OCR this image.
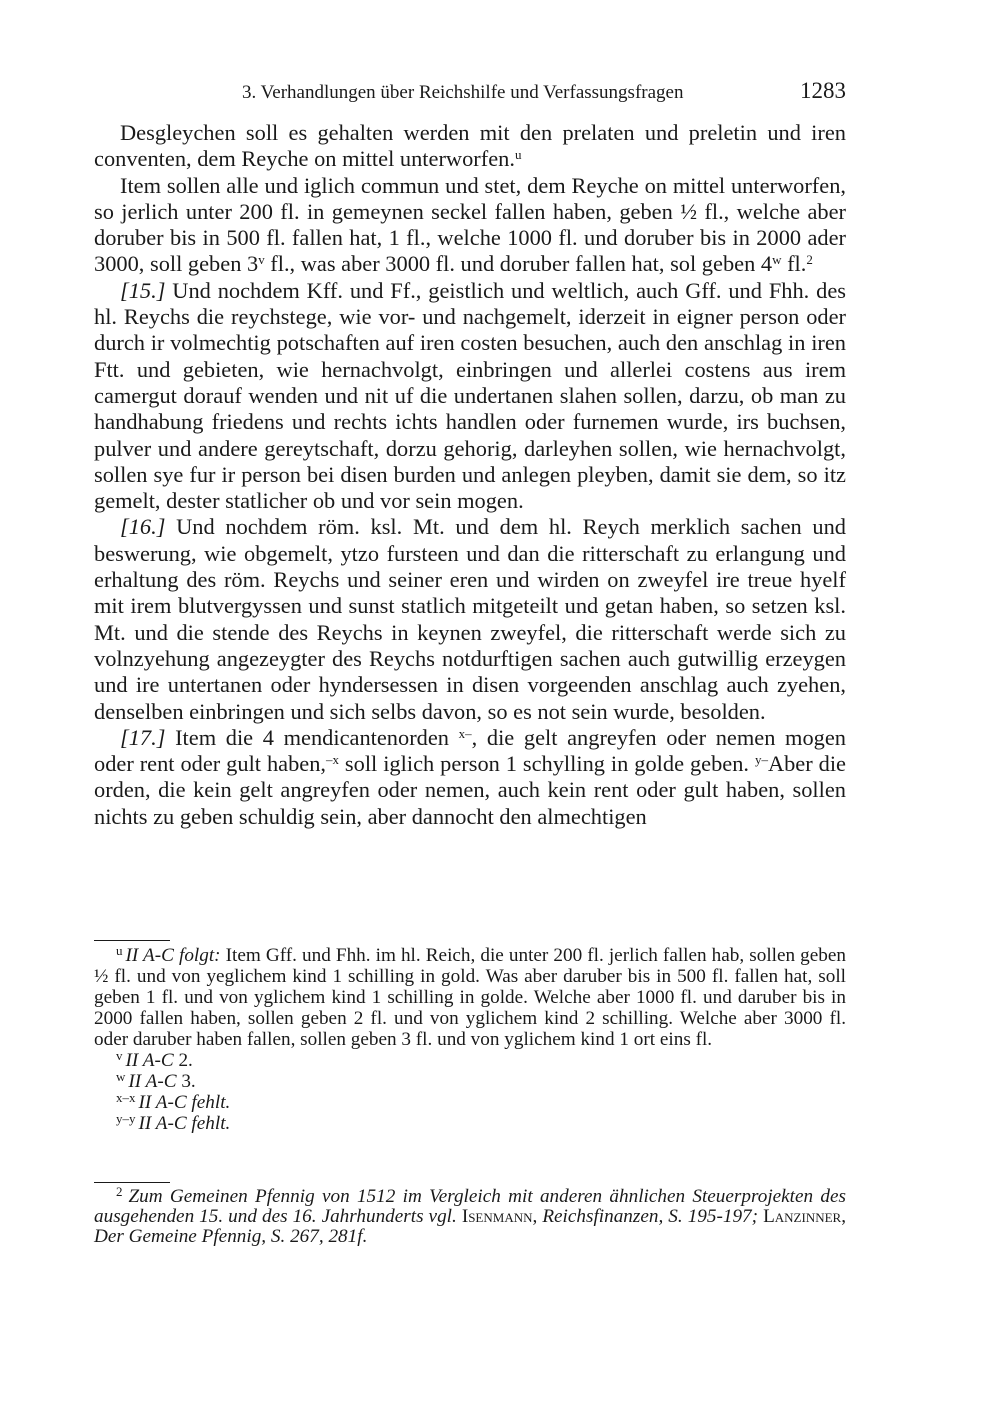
3. Verhandlungen über Reichshilfe und Verfassungsfragen	1283

Desgleychen soll es gehalten werden mit den prelaten und preletin und iren conventen, dem Reyche on mittel unterworfen.$^u$

Item sollen alle und iglich commun und stet, dem Reyche on mittel unterworfen, so jerlich unter 200 fl. in gemeynen seckel fallen haben, geben ½ fl., welche aber doruber bis in 500 fl. fallen hat, 1 fl., welche 1000 fl. und doruber bis in 2000 ader 3000, soll geben 3$^v$ fl., was aber 3000 fl. und doruber fallen hat, sol geben 4$^w$ fl.$^2$

[15.] Und nochdem Kff. und Ff., geistlich und weltlich, auch Gff. und Fhh. des hl. Reychs die reychstege, wie vor- und nachgemelt, iderzeit in eigner person oder durch ir volmechtig potschaften auf iren costen besuchen, auch den anschlag in iren Ftt. und gebieten, wie hernachvolgt, einbringen und allerlei costens aus irem camergut dorauf wenden und nit uf die undertanen slahen sollen, darzu, ob man zu handhabung friedens und rechts ichts handlen oder furnemen wurde, irs buchsen, pulver und andere gereytschaft, dorzu gehorig, darleyhen sollen, wie hernachvolgt, sollen sye fur ir person bei disen burden und anlegen pleyben, damit sie dem, so itz gemelt, dester statlicher ob und vor sein mogen.

[16.] Und nochdem röm. ksl. Mt. und dem hl. Reych merklich sachen und beswerung, wie obgemelt, ytzo fursteen und dan die ritterschaft zu erlangung und erhaltung des röm. Reychs und seiner eren und wirden on zweyfel ire treue hyelf mit irem blutvergyssen und sunst statlich mitgeteilt und getan haben, so setzen ksl. Mt. und die stende des Reychs in keynen zweyfel, die ritterschaft werde sich zu volnzyehung angezeygter des Reychs notdurftigen sachen auch gutwillig erzeygen und ire untertanen oder hyndersessen in disen vorgeenden anschlag auch zyehen, denselben einbringen und sich selbs davon, so es not sein wurde, besolden.

[17.] Item die 4 mendicantenorden $^{x-}$, die gelt angreyfen oder nemen mogen oder rent oder gult haben,$^{-x}$ soll iglich person 1 schylling in golde geben. $^{y-}$Aber die orden, die kein gelt angreyfen oder nemen, auch kein rent oder gult haben, sollen nichts zu geben schuldig sein, aber dannocht den almechtigen

$^u$ II A-C folgt: Item Gff. und Fhh. im hl. Reich, die unter 200 fl. jerlich fallen hab, sollen geben ½ fl. und von yeglichem kind 1 schilling in gold. Was aber daruber bis in 500 fl. fallen hat, soll geben 1 fl. und von yglichem kind 1 schilling in golde. Welche aber 1000 fl. und daruber bis in 2000 fallen haben, sollen geben 2 fl. und von yglichem kind 2 schilling. Welche aber 3000 fl. oder daruber haben fallen, sollen geben 3 fl. und von yglichem kind 1 ort eins fl.

$^v$ II A-C 2.

$^w$ II A-C 3.

$^{x-x}$ II A-C fehlt.

$^{y-y}$ II A-C fehlt.

$^2$ Zum Gemeinen Pfennig von 1512 im Vergleich mit anderen ähnlichen Steuerprojekten des ausgehenden 15. und des 16. Jahrhunderts vgl. Isenmann, Reichsfinanzen, S. 195-197; Lanzinner, Der Gemeine Pfennig, S. 267, 281f.
